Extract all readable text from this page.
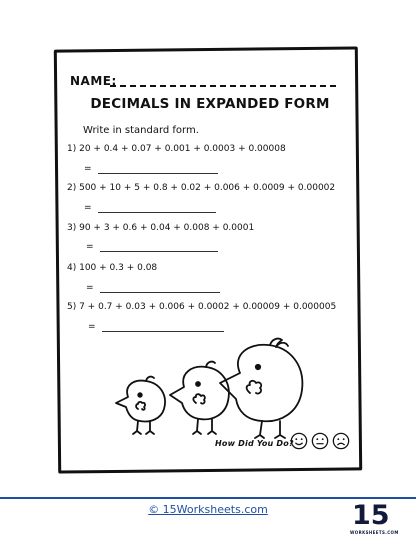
NAME:
DECIMALS IN EXPANDED FORM
Write in standard form.
1) 20 + 0.4 + 0.07 + 0.001 + 0.0003 + 0.00008
=
2) 500 + 10 + 5 + 0.8 + 0.02 + 0.006 + 0.0009 + 0.00002
=
3) 90 + 3 + 0.6 + 0.04 + 0.008 + 0.0001
=
4) 100 + 0.3 + 0.08
=
5) 7 + 0.7 + 0.03 + 0.006 + 0.0002 + 0.00009 + 0.000005
=
How Did You Do?
© 15Worksheets.com	15
WORKSHEETS.COM
